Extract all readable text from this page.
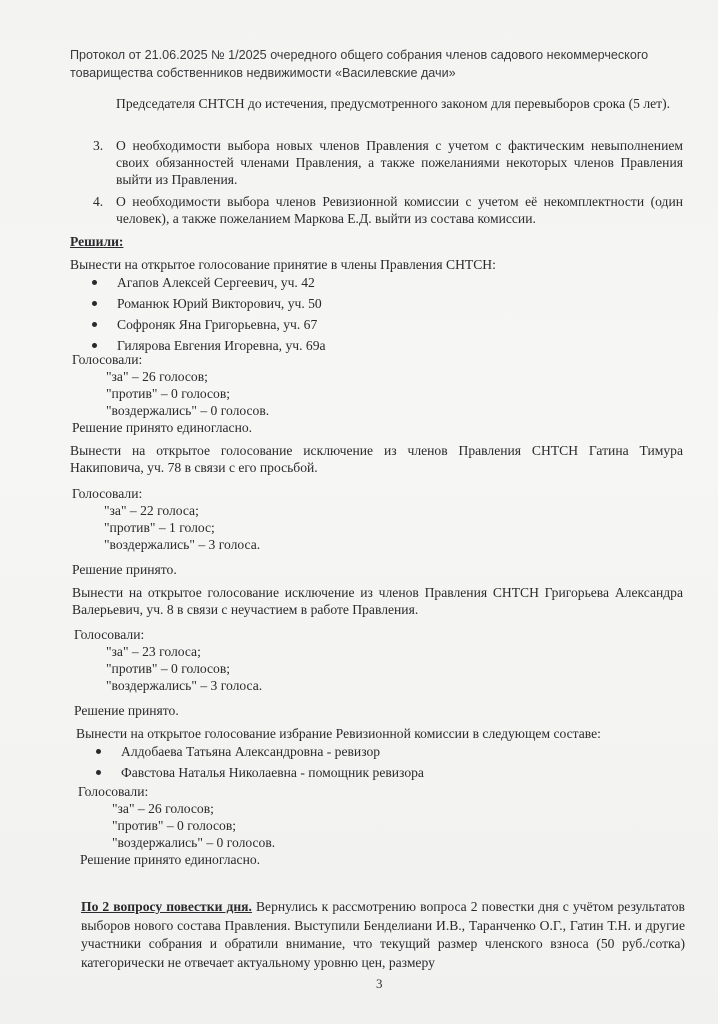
Протокол от 21.06.2025 № 1/2025 очередного общего собрания членов садового некоммерческого
товарищества собственников недвижимости «Василевские дачи»
Председателя СНТСН до истечения, предусмотренного законом для перевыборов срока (5 лет).
3. О необходимости выбора новых членов Правления с учетом с фактическим невыполнением своих обязанностей членами Правления, а также пожеланиями некоторых членов Правления выйти из Правления.
4. О необходимости выбора членов Ревизионной комиссии с учетом её некомплектности (один человек), а также пожеланием Маркова Е.Д. выйти из состава комиссии.
Решили:
Вынести на открытое голосование принятие в члены Правления СНТСН:
Агапов Алексей Сергеевич, уч. 42
Романюк Юрий Викторович, уч. 50
Софроняк Яна Григорьевна, уч. 67
Гилярова Евгения Игоревна, уч. 69а
Голосовали:
"за" – 26 голосов;
"против" – 0 голосов;
"воздержались" – 0 голосов.
Решение принято единогласно.
Вынести на открытое голосование исключение из членов Правления СНТСН Гатина Тимура Накиповича, уч. 78 в связи с его просьбой.
Голосовали:
"за" – 22 голоса;
"против" – 1 голос;
"воздержались" – 3 голоса.
Решение принято.
Вынести на открытое голосование исключение из членов Правления СНТСН Григорьева Александра Валерьевич, уч. 8 в связи с неучастием в работе Правления.
Голосовали:
"за" – 23 голоса;
"против" – 0 голосов;
"воздержались" – 3 голоса.
Решение принято.
Вынести на открытое голосование избрание Ревизионной комиссии в следующем составе:
Алдобаева Татьяна Александровна - ревизор
Фавстова Наталья Николаевна - помощник ревизора
Голосовали:
"за" – 26 голосов;
"против" – 0 голосов;
"воздержались" – 0 голосов.
Решение принято единогласно.
По 2 вопросу повестки дня. Вернулись к рассмотрению вопроса 2 повестки дня с учётом результатов выборов нового состава Правления. Выступили Бенделиани И.В., Таранченко О.Г., Гатин Т.Н. и другие участники собрания и обратили внимание, что текущий размер членского взноса (50 руб./сотка) категорически не отвечает актуальному уровню цен, размеру
3
